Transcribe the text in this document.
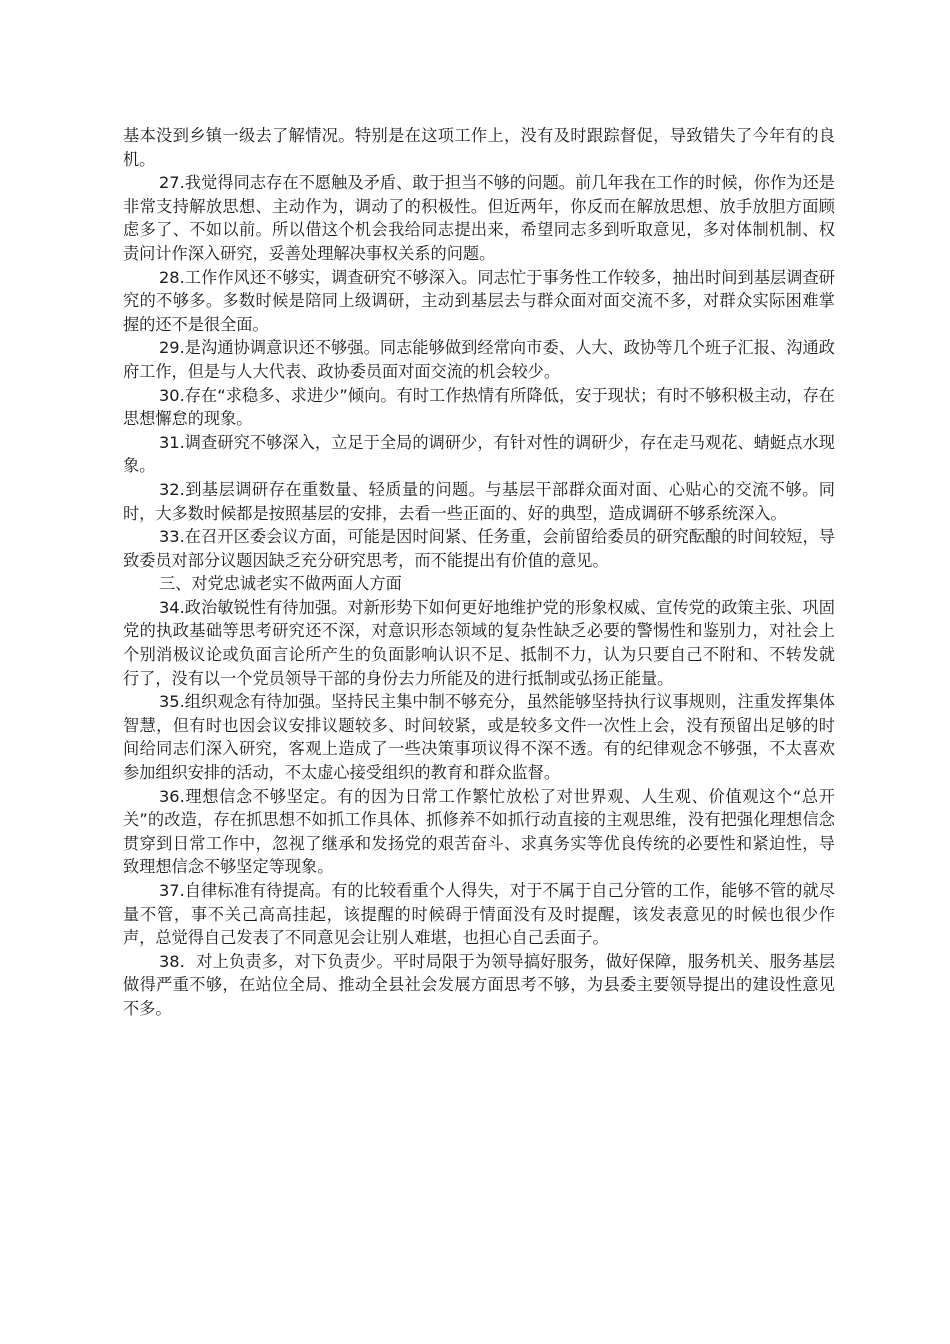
基本没到乡镇一级去了解情况。特别是在这项工作上，没有及时跟踪督促，导致错失了今年有的良机。

27.我觉得同志存在不愿触及矛盾、敢于担当不够的问题。前几年我在工作的时候，你作为还是非常支持解放思想、主动作为，调动了的积极性。但近两年，你反而在解放思想、放手放胆方面顾虑多了、不如以前。所以借这个机会我给同志提出来，希望同志多到听取意见，多对体制机制、权责问计作深入研究，妥善处理解决事权关系的问题。

28.工作作风还不够实，调查研究不够深入。同志忙于事务性工作较多，抽出时间到基层调查研究的不够多。多数时候是陪同上级调研，主动到基层去与群众面对面交流不多，对群众实际困难掌握的还不是很全面。

29.是沟通协调意识还不够强。同志能够做到经常向市委、人大、政协等几个班子汇报、沟通政府工作，但是与人大代表、政协委员面对面交流的机会较少。

30.存在“求稳多、求进少”倾向。有时工作热情有所降低，安于现状；有时不够积极主动，存在思想懈怠的现象。

31.调查研究不够深入，立足于全局的调研少，有针对性的调研少，存在走马观花、蜻蜓点水现象。

32.到基层调研存在重数量、轻质量的问题。与基层干部群众面对面、心贴心的交流不够。同时，大多数时候都是按照基层的安排，去看一些正面的、好的典型，造成调研不够系统深入。

33.在召开区委会议方面，可能是因时间紧、任务重，会前留给委员的研究酝酿的时间较短，导致委员对部分议题因缺乏充分研究思考，而不能提出有价值的意见。

三、对党忠诚老实不做两面人方面

34.政治敏锐性有待加强。对新形势下如何更好地维护党的形象权威、宣传党的政策主张、巩固党的执政基础等思考研究还不深，对意识形态领域的复杂性缺乏必要的警惕性和鉴别力，对社会上个别消极议论或负面言论所产生的负面影响认识不足、抵制不力，认为只要自己不附和、不转发就行了，没有以一个党员领导干部的身份去力所能及的进行抵制或弘扬正能量。

35.组织观念有待加强。坚持民主集中制不够充分，虽然能够坚持执行议事规则，注重发挥集体智慧，但有时也因会议安排议题较多、时间较紧，或是较多文件一次性上会，没有预留出足够的时间给同志们深入研究，客观上造成了一些决策事项议得不深不透。有的纪律观念不够强，不太喜欢参加组织安排的活动，不太虚心接受组织的教育和群众监督。

36.理想信念不够坚定。有的因为日常工作繁忙放松了对世界观、人生观、价值观这个“总开关”的改造，存在抓思想不如抓工作具体、抓修养不如抓行动直接的主观思维，没有把强化理想信念贯穿到日常工作中，忽视了继承和发扬党的艰苦奋斗、求真务实等优良传统的必要性和紧迫性，导致理想信念不够坚定等现象。

37.自律标准有待提高。有的比较看重个人得失，对于不属于自己分管的工作，能够不管的就尽量不管，事不关己高高挂起，该提醒的时候碍于情面没有及时提醒，该发表意见的时候也很少作声，总觉得自己发表了不同意见会让别人难堪，也担心自己丢面子。

38．对上负责多，对下负责少。平时局限于为领导搞好服务，做好保障，服务机关、服务基层做得严重不够，在站位全局、推动全县社会发展方面思考不够，为县委主要领导提出的建设性意见不多。
